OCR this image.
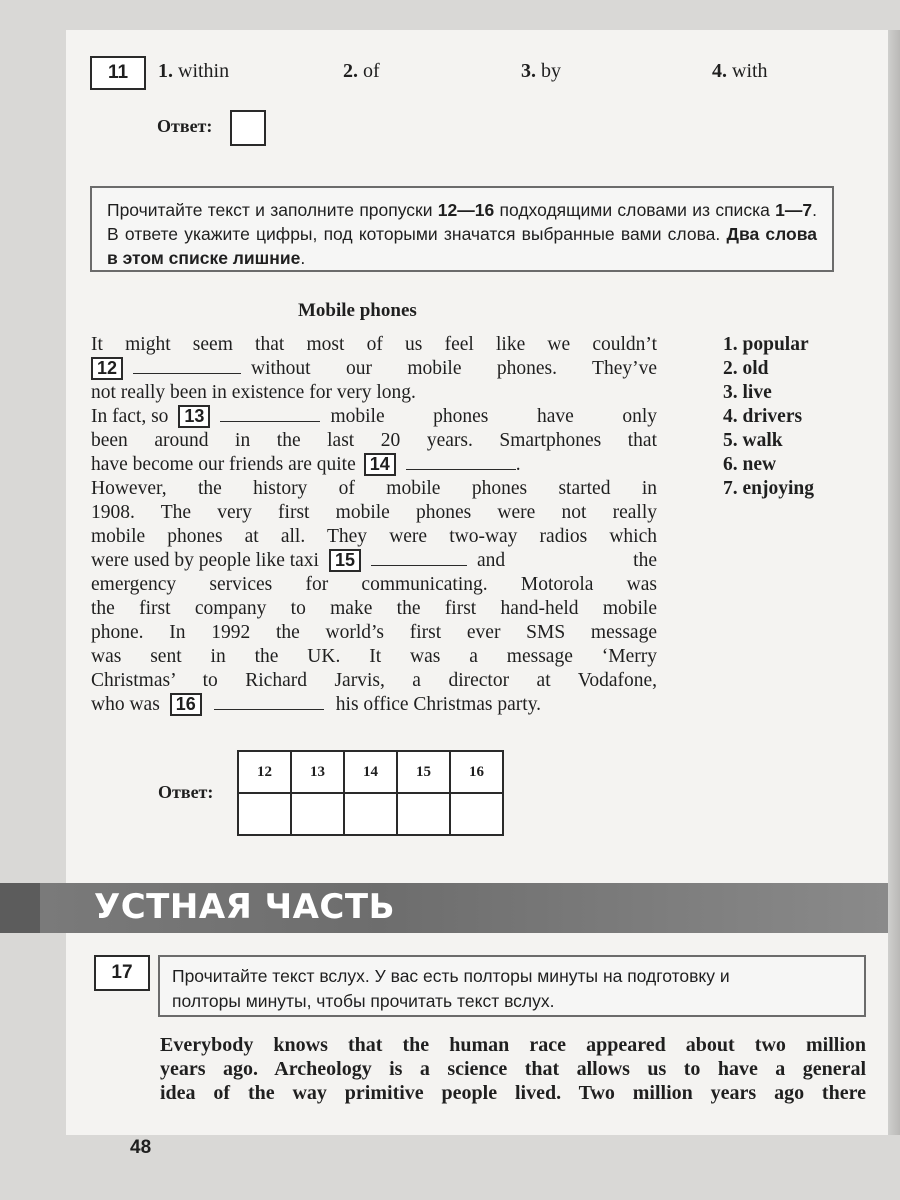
11	1. within	2. of	3. by	4. with
Ответ:
Прочитайте текст и заполните пропуски 12—16 подходящими словами из списка 1—7. В ответе укажите цифры, под которыми значатся выбранные вами слова. Два слова в этом списке лишние.
Mobile phones
It might seem that most of us feel like we couldn’t
12	without our mobile phones. They’ve
not really been in existence for very long.
In fact, so 13	mobile phones have only
been around in the last 20 years. Smartphones that
have become our friends are quite 14	.
However, the history of mobile phones started in
1908. The very first mobile phones were not really
mobile phones at all. They were two-way radios which
were used by people like taxi 15	and the
emergency services for communicating. Motorola was
the first company to make the first hand-held mobile
phone. In 1992 the world’s first ever SMS message
was sent in the UK. It was a message ‘Merry
Christmas’ to Richard Jarvis, a director at Vodafone,
who was 16	his office Christmas party.
1. popular
2. old
3. live
4. drivers
5. walk
6. new
7. enjoying
Ответ:
12	13	14	15	16

УСТНАЯ ЧАСТЬ
17	Прочитайте текст вслух. У вас есть полторы минуты на подготовку и
полторы минуты, чтобы прочитать текст вслух.
Everybody knows that the human race appeared about two million
years ago. Archeology is a science that allows us to have a general
idea of the way primitive people lived. Two million years ago there
48
